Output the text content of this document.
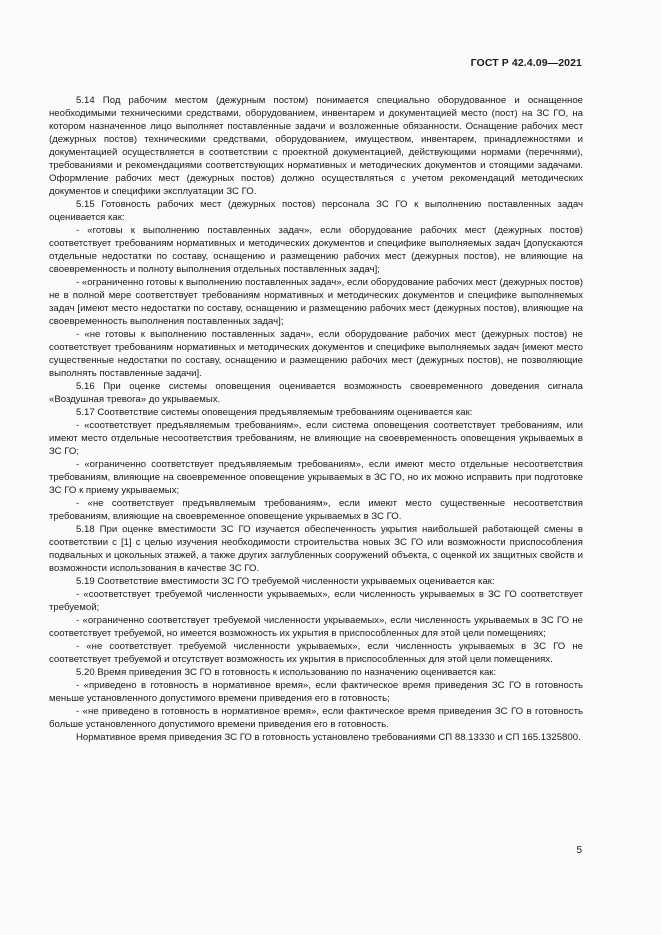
ГОСТ Р 42.4.09—2021

5.14 Под рабочим местом (дежурным постом) понимается специально оборудованное и оснащенное необходимыми техническими средствами, оборудованием, инвентарем и документацией место (пост) на ЗС ГО, на котором назначенное лицо выполняет поставленные задачи и возложенные обязанности. Оснащение рабочих мест (дежурных постов) техническими средствами, оборудованием, имуществом, инвентарем, принадлежностями и документацией осуществляется в соответствии с проектной документацией, действующими нормами (перечнями), требованиями и рекомендациями соответствующих нормативных и методических документов и стоящими задачами. Оформление рабочих мест (дежурных постов) должно осуществляться с учетом рекомендаций методических документов и специфики эксплуатации ЗС ГО.

5.15 Готовность рабочих мест (дежурных постов) персонала ЗС ГО к выполнению поставленных задач оценивается как:

- «готовы к выполнению поставленных задач», если оборудование рабочих мест (дежурных постов) соответствует требованиям нормативных и методических документов и специфике выполняемых задач [допускаются отдельные недостатки по составу, оснащению и размещению рабочих мест (дежурных постов), не влияющие на своевременность и полноту выполнения отдельных поставленных задач];

- «ограниченно готовы к выполнению поставленных задач», если оборудование рабочих мест (дежурных постов) не в полной мере соответствует требованиям нормативных и методических документов и специфике выполняемых задач [имеют место недостатки по составу, оснащению и размещению рабочих мест (дежурных постов), влияющие на своевременность выполнения поставленных задач];

- «не готовы к выполнению поставленных задач», если оборудование рабочих мест (дежурных постов) не соответствует требованиям нормативных и методических документов и специфике выполняемых задач [имеют место существенные недостатки по составу, оснащению и размещению рабочих мест (дежурных постов), не позволяющие выполнять поставленные задачи].

5.16 При оценке системы оповещения оценивается возможность своевременного доведения сигнала «Воздушная тревога» до укрываемых.

5.17 Соответствие системы оповещения предъявляемым требованиям оценивается как:

- «соответствует предъявляемым требованиям», если система оповещения соответствует требованиям, или имеют место отдельные несоответствия требованиям, не влияющие на своевременность оповещения укрываемых в ЗС ГО;

- «ограниченно соответствует предъявляемым требованиям», если имеют место отдельные несоответствия требованиям, влияющие на своевременное оповещение укрываемых в ЗС ГО, но их можно исправить при подготовке ЗС ГО к приему укрываемых;

- «не соответствует предъявляемым требованиям», если имеют место существенные несоответствия требованиям, влияющие на своевременное оповещение укрываемых в ЗС ГО.

5.18 При оценке вместимости ЗС ГО изучается обеспеченность укрытия наибольшей работающей смены в соответствии с [1] с целью изучения необходимости строительства новых ЗС ГО или возможности приспособления подвальных и цокольных этажей, а также других заглубленных сооружений объекта, с оценкой их защитных свойств и возможности использования в качестве ЗС ГО.

5.19 Соответствие вместимости ЗС ГО требуемой численности укрываемых оценивается как:

- «соответствует требуемой численности укрываемых», если численность укрываемых в ЗС ГО соответствует требуемой;

- «ограниченно соответствует требуемой численности укрываемых», если численность укрываемых в ЗС ГО не соответствует требуемой, но имеется возможность их укрытия в приспособленных для этой цели помещениях;

- «не соответствует требуемой численности укрываемых», если численность укрываемых в ЗС ГО не соответствует требуемой и отсутствует возможность их укрытия в приспособленных для этой цели помещениях.

5.20 Время приведения ЗС ГО в готовность к использованию по назначению оценивается как:

- «приведено в готовность в нормативное время», если фактическое время приведения ЗС ГО в готовность меньше установленного допустимого времени приведения его в готовность;

- «не приведено в готовность в нормативное время», если фактическое время приведения ЗС ГО в готовность больше установленного допустимого времени приведения его в готовность.

Нормативное время приведения ЗС ГО в готовность установлено требованиями СП 88.13330 и СП 165.1325800.

5
